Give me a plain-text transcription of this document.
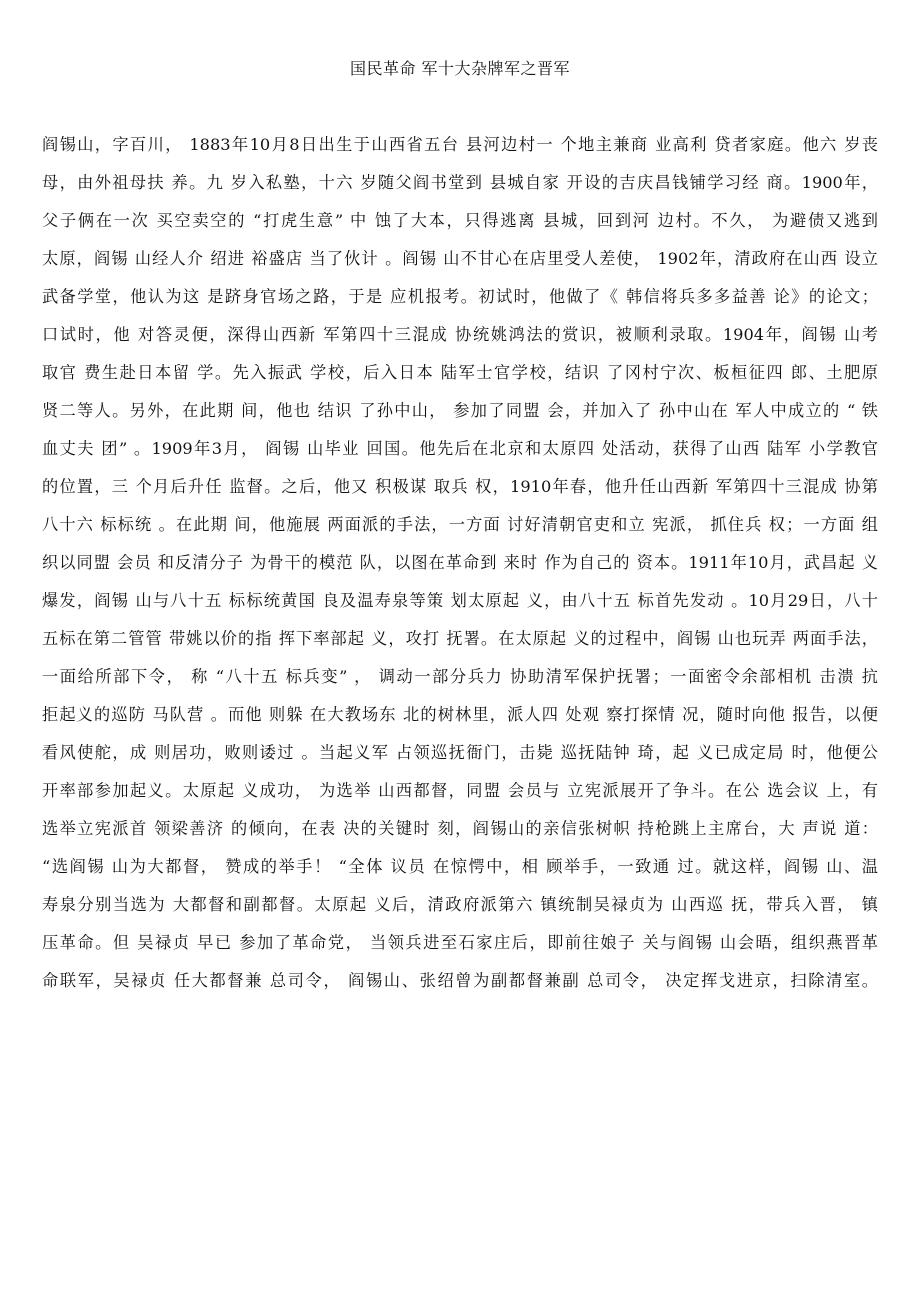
国民革命 军十大杂牌军之晋军
阎锡山，字百川， 1883年10月8日出生于山西省五台 县河边村一 个地主兼商 业高利 贷者家庭。他六 岁丧
母，由外祖母扶 养。九 岁入私塾，十六 岁随父阎书堂到 县城自家 开设的吉庆昌钱铺学习经 商。1900年，
父子俩在一次 买空卖空的 “打虎生意” 中 蚀了大本，只得逃离 县城，回到河 边村。不久， 为避债又逃到
太原，阎锡 山经人介 绍进 裕盛店 当了伙计 。阎锡 山不甘心在店里受人差使， 1902年，清政府在山西 设立
武备学堂，他认为这 是跻身官场之路，于是 应机报考。初试时，他做了《 韩信将兵多多益善 论》的论文；
口试时，他 对答灵便，深得山西新 军第四十三混成 协统姚鸿法的赏识，被顺利录取。1904年，阎锡 山考
取官 费生赴日本留 学。先入振武 学校，后入日本 陆军士官学校，结识 了冈村宁次、板桓征四 郎、土肥原
贤二等人。另外，在此期 间，他也 结识 了孙中山， 参加了同盟 会，并加入了 孙中山在 军人中成立的 “ 铁
血丈夫 团” 。1909年3月， 阎锡 山毕业 回国。他先后在北京和太原四 处活动，获得了山西 陆军 小学教官
的位置，三 个月后升任 监督。之后，他又 积极谋 取兵 权，1910年春，他升任山西新 军第四十三混成 协第
八十六 标标统 。在此期 间，他施展 两面派的手法，一方面 讨好清朝官吏和立 宪派， 抓住兵 权；一方面 组
织以同盟 会员 和反清分子 为骨干的模范 队，以图在革命到 来时 作为自己的 资本。1911年10月，武昌起 义
爆发，阎锡 山与八十五 标标统黄国 良及温寿泉等策 划太原起 义，由八十五 标首先发动 。10月29日，八十
五标在第二管管 带姚以价的指 挥下率部起 义，攻打 抚署。在太原起 义的过程中，阎锡 山也玩弄 两面手法，
一面给所部下令， 称 “八十五 标兵变” ， 调动一部分兵力 协助清军保护抚署；一面密令余部相机 击溃 抗
拒起义的巡防 马队营 。而他 则躲 在大教场东 北的树林里，派人四 处观 察打探情 况，随时向他 报告，以便
看风使舵，成 则居功，败则诿过 。当起义军 占领巡抚衙门，击毙 巡抚陆钟 琦，起 义已成定局 时，他便公
开率部参加起义。太原起 义成功， 为选举 山西都督，同盟 会员与 立宪派展开了争斗。在公 选会议 上，有
选举立宪派首 领梁善济 的倾向，在表 决的关键时 刻，阎锡山的亲信张树帜 持枪跳上主席台，大 声说 道：
“选阎锡 山为大都督， 赞成的举手！ “全体 议员 在惊愕中，相 顾举手，一致通 过。就这样，阎锡 山、温
寿泉分别当选为 大都督和副都督。太原起 义后，清政府派第六 镇统制吴禄贞为 山西巡 抚，带兵入晋， 镇
压革命。但 吴禄贞 早已 参加了革命党， 当领兵进至石家庄后，即前往娘子 关与阎锡 山会晤，组织燕晋革
命联军，吴禄贞 任大都督兼 总司令， 阎锡山、张绍曾为副都督兼副 总司令， 决定挥戈进京，扫除清室。
